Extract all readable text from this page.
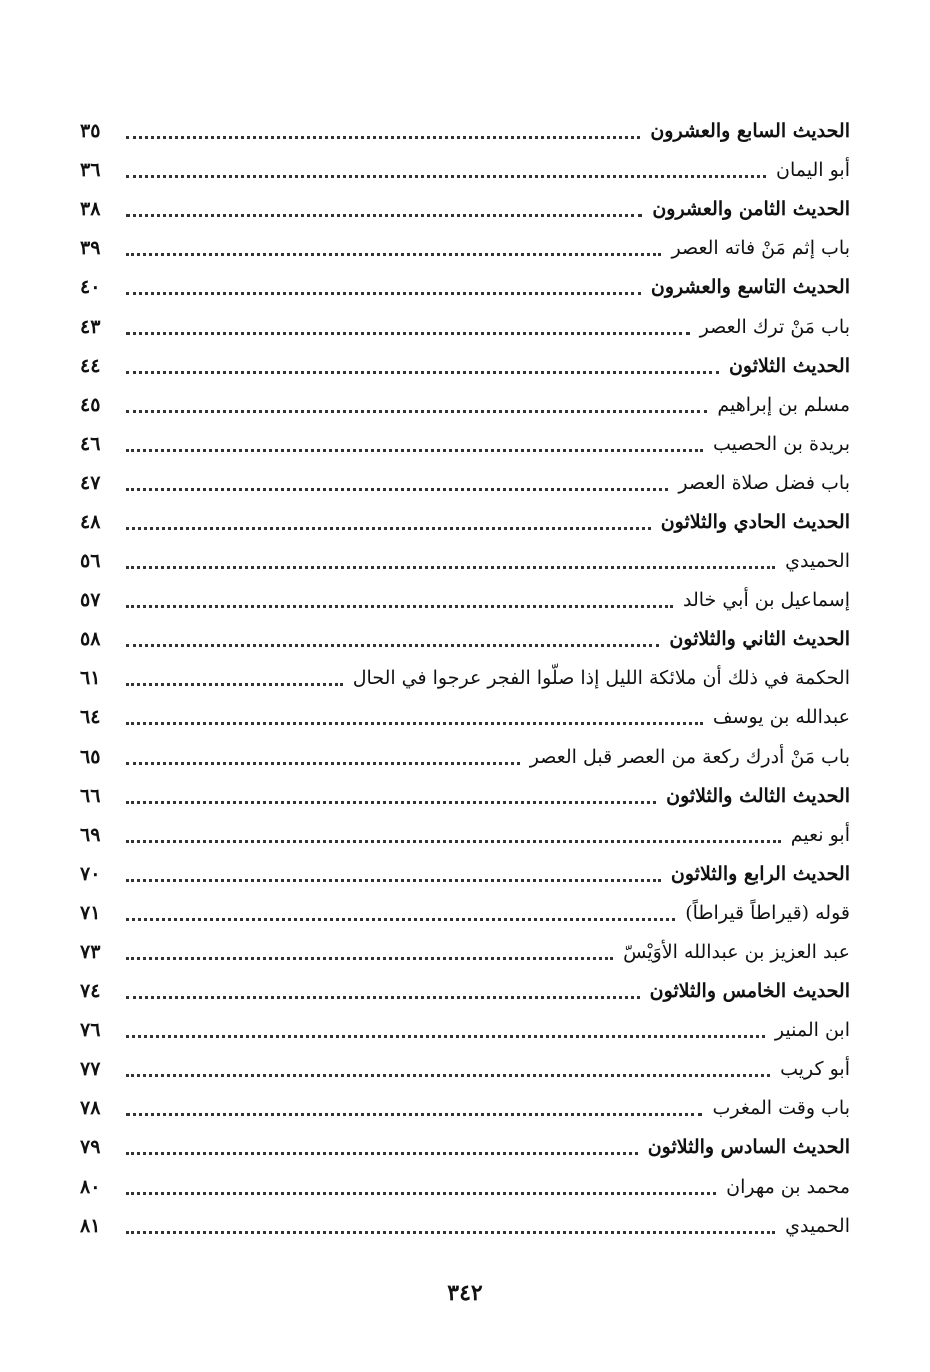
الحديث السابع والعشرون
٣٥
أبو اليمان
٣٦
الحديث الثامن والعشرون
٣٨
باب إثم مَنْ فاته العصر
٣٩
الحديث التاسع والعشرون
٤٠
باب مَنْ ترك العصر
٤٣
الحديث الثلاثون
٤٤
مسلم بن إبراهيم
٤٥
بريدة بن الحصيب
٤٦
باب فضل صلاة العصر
٤٧
الحديث الحادي والثلاثون
٤٨
الحميدي
٥٦
إسماعيل بن أبي خالد
٥٧
الحديث الثاني والثلاثون
٥٨
الحكمة في ذلك أن ملائكة الليل إذا صلّوا الفجر عرجوا في الحال
٦١
عبدالله بن يوسف
٦٤
باب مَنْ أدرك ركعة من العصر قبل العصر
٦٥
الحديث الثالث والثلاثون
٦٦
أبو نعيم
٦٩
الحديث الرابع والثلاثون
٧٠
قوله (قيراطاً قيراطاً)
٧١
عبد العزيز بن عبدالله الأوَيْسّ
٧٣
الحديث الخامس والثلاثون
٧٤
ابن المنير
٧٦
أبو كريب
٧٧
باب وقت المغرب
٧٨
الحديث السادس والثلاثون
٧٩
محمد بن مهران
٨٠
الحميدي
٨١
٣٤٢
